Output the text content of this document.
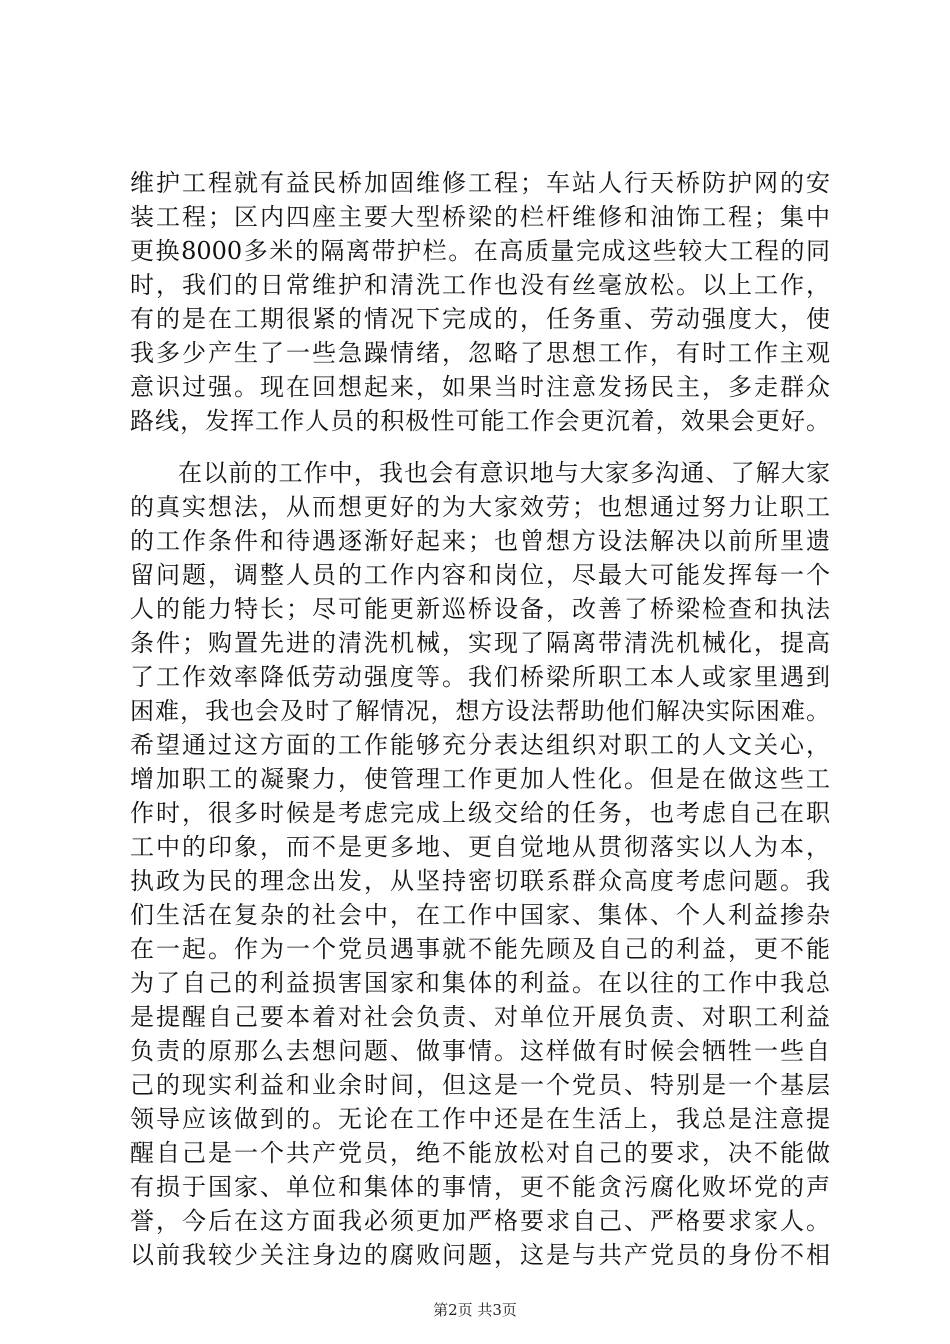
维护工程就有益民桥加固维修工程；车站人行天桥防护网的安
装工程；区内四座主要大型桥梁的栏杆维修和油饰工程；集中
更换8000多米的隔离带护栏。在高质量完成这些较大工程的同
时，我们的日常维护和清洗工作也没有丝毫放松。以上工作，
有的是在工期很紧的情况下完成的，任务重、劳动强度大，使
我多少产生了一些急躁情绪，忽略了思想工作，有时工作主观
意识过强。现在回想起来，如果当时注意发扬民主，多走群众
路线，发挥工作人员的积极性可能工作会更沉着，效果会更好。
在以前的工作中，我也会有意识地与大家多沟通、了解大家
的真实想法，从而想更好的为大家效劳；也想通过努力让职工
的工作条件和待遇逐渐好起来；也曾想方设法解决以前所里遗
留问题，调整人员的工作内容和岗位，尽最大可能发挥每一个
人的能力特长；尽可能更新巡桥设备，改善了桥梁检查和执法
条件；购置先进的清洗机械，实现了隔离带清洗机械化，提高
了工作效率降低劳动强度等。我们桥梁所职工本人或家里遇到
困难，我也会及时了解情况，想方设法帮助他们解决实际困难。
希望通过这方面的工作能够充分表达组织对职工的人文关心，
增加职工的凝聚力，使管理工作更加人性化。但是在做这些工
作时，很多时候是考虑完成上级交给的任务，也考虑自己在职
工中的印象，而不是更多地、更自觉地从贯彻落实以人为本，
执政为民的理念出发，从坚持密切联系群众高度考虑问题。我
们生活在复杂的社会中，在工作中国家、集体、个人利益掺杂
在一起。作为一个党员遇事就不能先顾及自己的利益，更不能
为了自己的利益损害国家和集体的利益。在以往的工作中我总
是提醒自己要本着对社会负责、对单位开展负责、对职工利益
负责的原那么去想问题、做事情。这样做有时候会牺牲一些自
己的现实利益和业余时间，但这是一个党员、特别是一个基层
领导应该做到的。无论在工作中还是在生活上，我总是注意提
醒自己是一个共产党员，绝不能放松对自己的要求，决不能做
有损于国家、单位和集体的事情，更不能贪污腐化败坏党的声
誉，今后在这方面我必须更加严格要求自己、严格要求家人。
以前我较少关注身边的腐败问题，这是与共产党员的身份不相
第2页 共3页
